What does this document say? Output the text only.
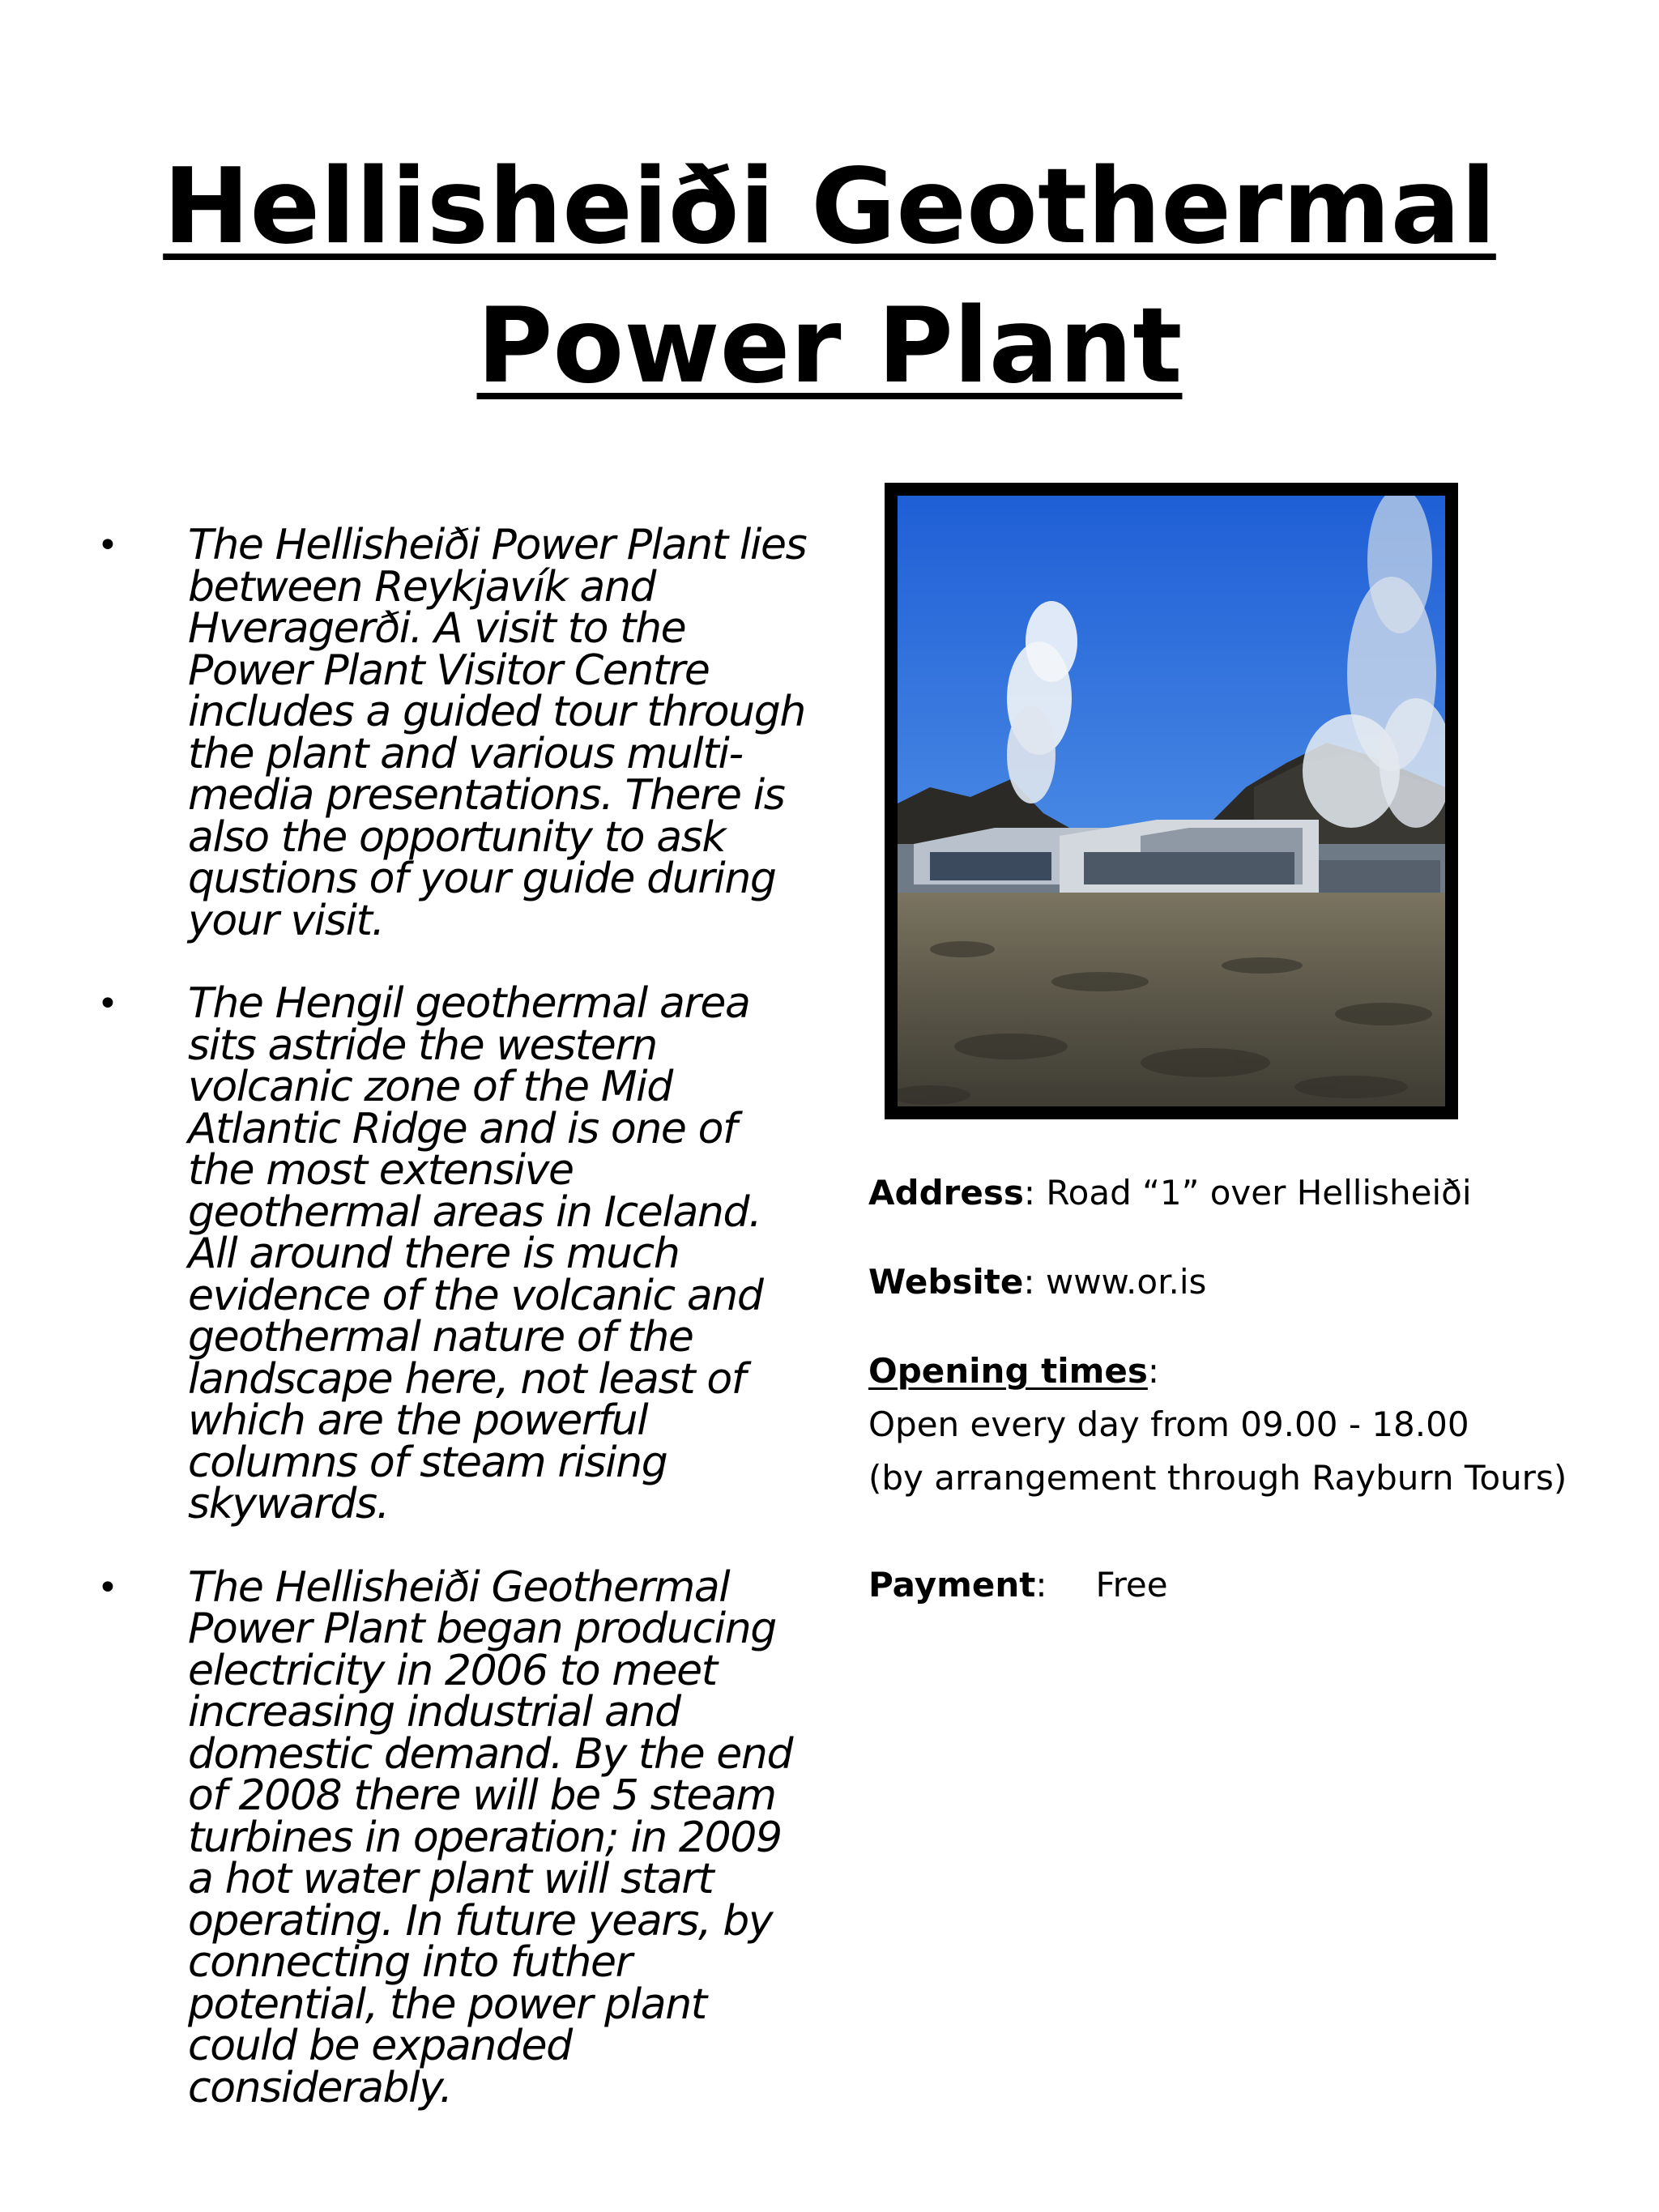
Hellisheiði Geothermal
Power Plant
• The Hellisheiði Power Plant lies between Reykjavík and Hveragerði. A visit to the Power Plant Visitor Centre includes a guided tour through the plant and various multi-media presentations. There is also the opportunity to ask qustions of your guide during your visit.
• The Hengil geothermal area sits astride the western volcanic zone of the Mid Atlantic Ridge and is one of the most extensive geothermal areas in Iceland. All around there is much evidence of the volcanic and geothermal nature of the landscape here, not least of which are the powerful columns of steam rising skywards.
• The Hellisheiði Geothermal Power Plant began producing electricity in 2006 to meet increasing industrial and domestic demand. By the end of 2008 there will be 5 steam turbines in operation; in 2009 a hot water plant will start operating. In future years, by connecting into futher potential, the power plant could be expanded considerably.
Address: Road “1” over Hellisheiði
Website: www.or.is
Opening times:
Open every day from 09.00 - 18.00
(by arrangement through Rayburn Tours)
Payment: Free
